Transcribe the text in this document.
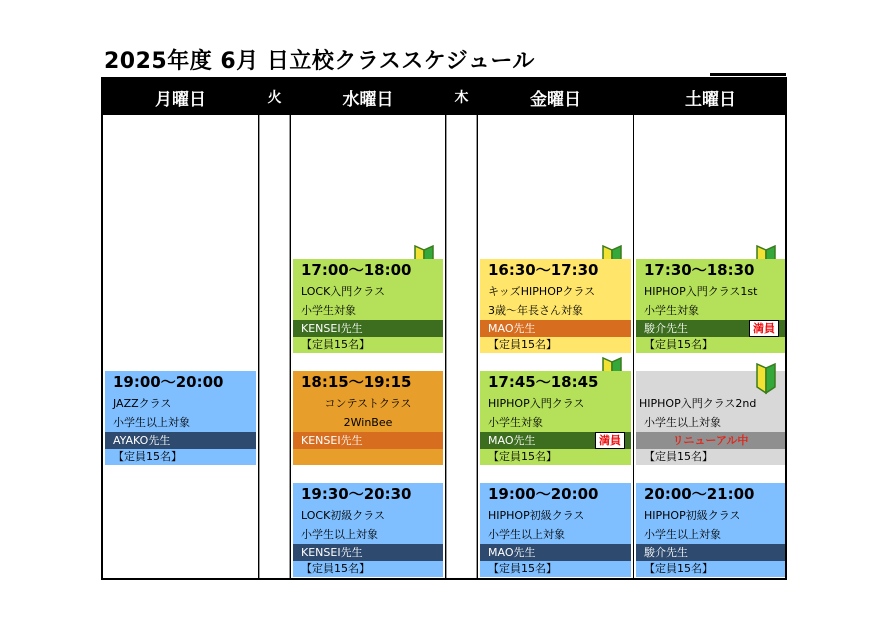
2025年度 6月 日立校クラススケジュール
月曜日	火	水曜日	木	金曜日	土曜日
19:00〜20:00
JAZZクラス
小学生以上対象
AYAKO先生
【定員15名】
17:00〜18:00
LOCK入門クラス
小学生対象
KENSEI先生
【定員15名】
18:15〜19:15
コンテストクラス
2WinBee
KENSEI先生
19:30〜20:30
LOCK初級クラス
小学生以上対象
KENSEI先生
【定員15名】
16:30〜17:30
キッズHIPHOPクラス
3歳〜年長さん対象
MAO先生
【定員15名】
17:45〜18:45
HIPHOP入門クラス
小学生対象
MAO先生	満員
【定員15名】
19:00〜20:00
HIPHOP初級クラス
小学生以上対象
MAO先生
【定員15名】
17:30〜18:30
HIPHOP入門クラス1st
小学生対象
駿介先生	満員
【定員15名】
HIPHOP入門クラス2nd
小学生以上対象
リニューアル中
【定員15名】
20:00〜21:00
HIPHOP初級クラス
小学生以上対象
駿介先生
【定員15名】
